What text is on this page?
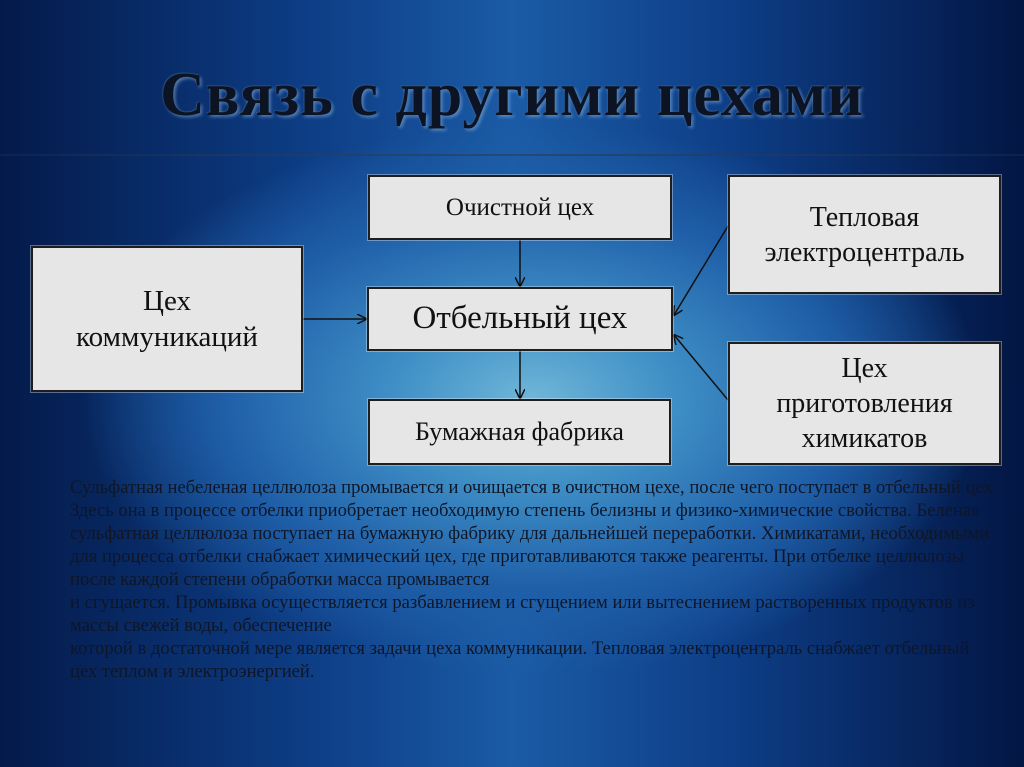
Связь с другими цехами
Очистной цех
Цех
коммуникаций
Отбельный цех
Бумажная фабрика
Тепловая
электроцентраль
Цех
приготовления
химикатов

Сульфатная небеленая целлюлоза промывается и очищается в очистном цехе, после чего поступает в отбельный цех. Здесь она в процессе отбелки приобретает необходимую степень белизны и физико-химические свойства. Беленая сульфатная целлюлоза поступает на бумажную фабрику для дальнейшей переработки. Химикатами, необходимыми для процесса отбелки снабжает химический цех, где приготавливаются также реагенты. При отбелке целлюлозы после каждой степени обработки масса промывается

и сгущается. Промывка осуществляется разбавлением и сгущением или вытеснением растворенных продуктов из массы свежей воды, обеспечение

которой в достаточной мере является задачи цеха коммуникации. Тепловая электроцентраль снабжает отбельный цех теплом и электроэнергией.
